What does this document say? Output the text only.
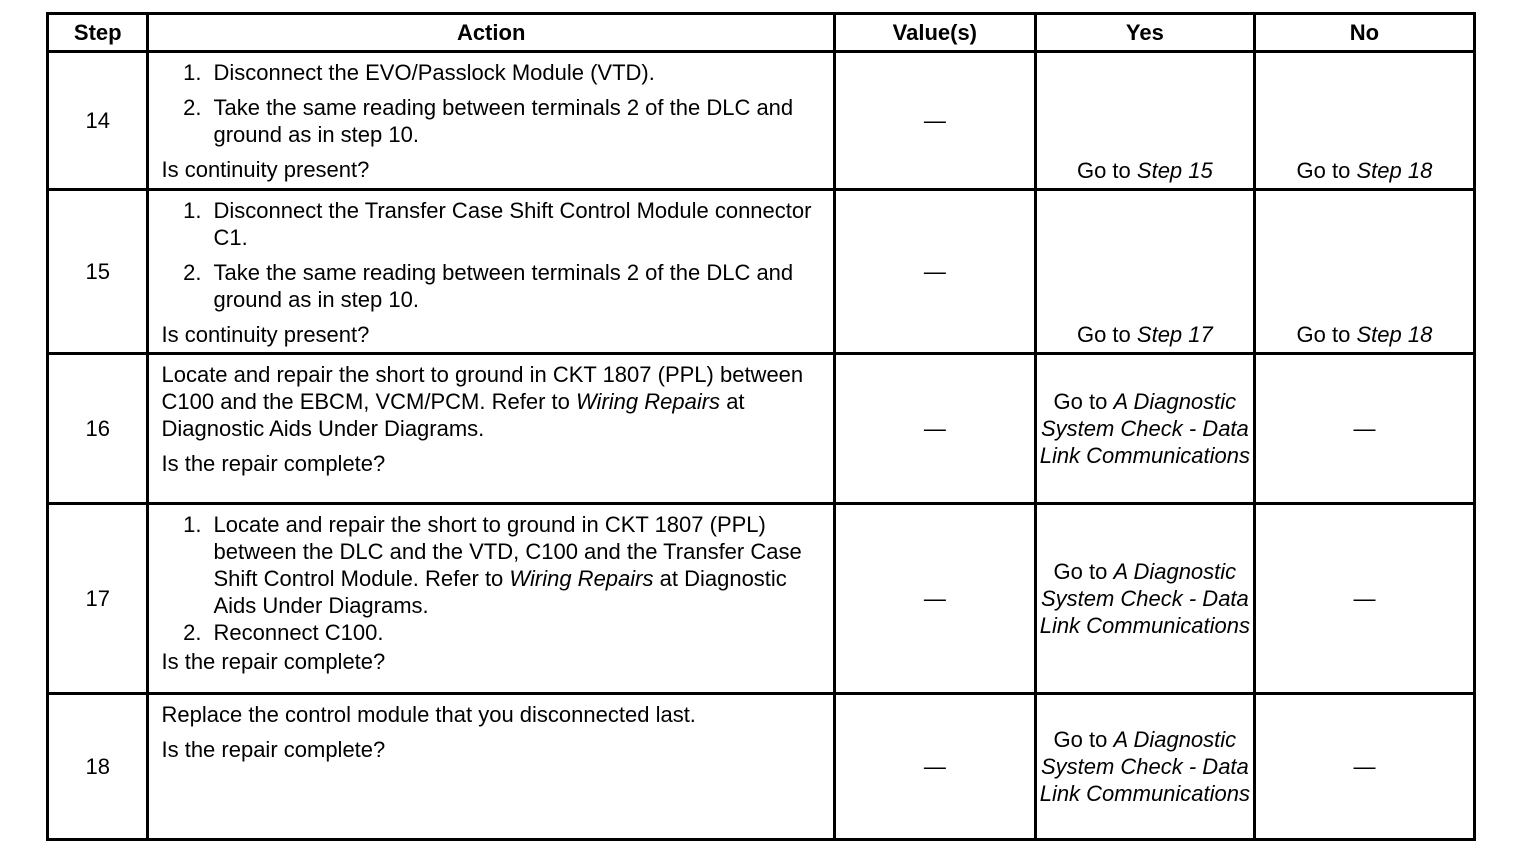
Step	Action	Value(s)	Yes	No
14	1. Disconnect the EVO/Passlock Module (VTD).
2. Take the same reading between terminals 2 of the DLC and ground as in step 10.
Is continuity present?	—	Go to Step 15	Go to Step 18
15	1. Disconnect the Transfer Case Shift Control Module connector C1.
2. Take the same reading between terminals 2 of the DLC and ground as in step 10.
Is continuity present?	—	Go to Step 17	Go to Step 18
16	Locate and repair the short to ground in CKT 1807 (PPL) between C100 and the EBCM, VCM/PCM. Refer to Wiring Repairs at Diagnostic Aids Under Diagrams.
Is the repair complete?	—	Go to A Diagnostic System Check - Data Link Communications	—
17	1. Locate and repair the short to ground in CKT 1807 (PPL) between the DLC and the VTD, C100 and the Transfer Case Shift Control Module. Refer to Wiring Repairs at Diagnostic Aids Under Diagrams.
2. Reconnect C100.
Is the repair complete?	—	Go to A Diagnostic System Check - Data Link Communications	—
18	Replace the control module that you disconnected last.
Is the repair complete?	—	Go to A Diagnostic System Check - Data Link Communications	—
